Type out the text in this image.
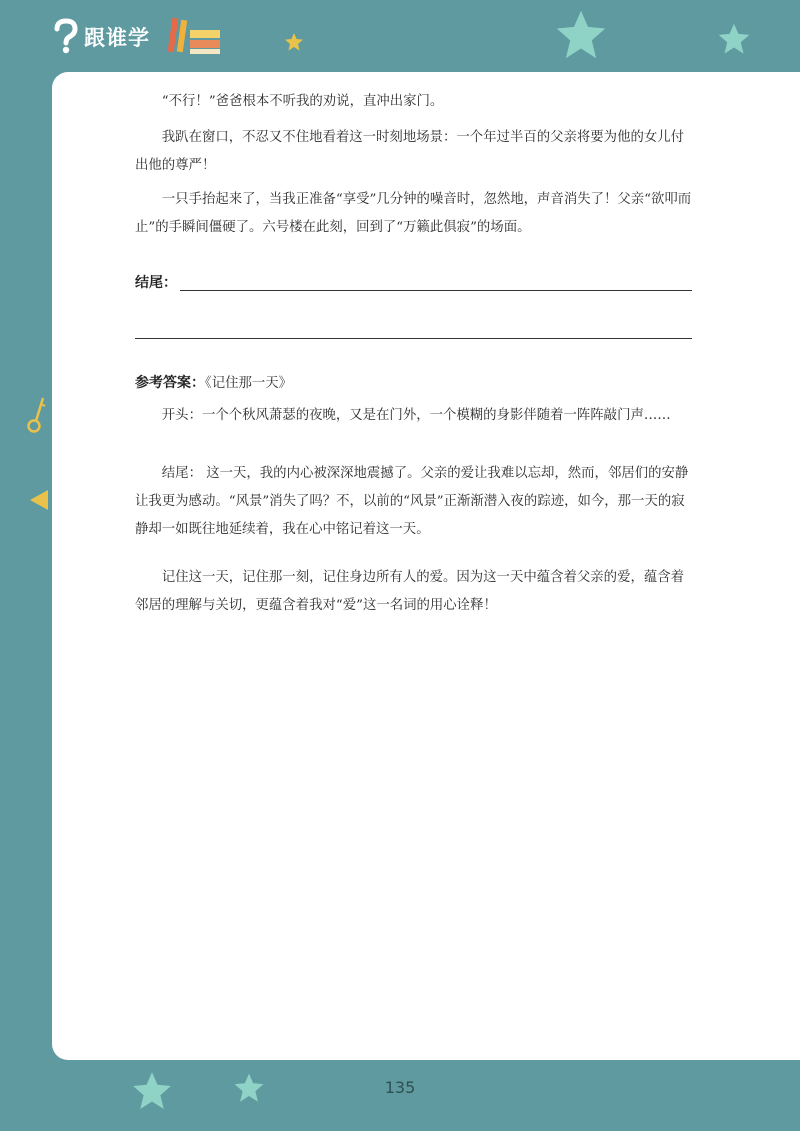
跟谁学

“不行！”爸爸根本不听我的劝说，直冲出家门。

我趴在窗口，不忍又不住地看着这一时刻地场景：一个年过半百的父亲将要为他的女儿付出他的尊严！

一只手抬起来了，当我正准备“享受”几分钟的噪音时，忽然地，声音消失了！父亲“欲叩而止”的手瞬间僵硬了。六号楼在此刻，回到了“万籁此俱寂”的场面。

结尾：
参考答案：《记住那一天》

开头：一个个秋风萧瑟的夜晚，又是在门外，一个模糊的身影伴随着一阵阵敲门声……

结尾： 这一天，我的内心被深深地震撼了。父亲的爱让我难以忘却，然而，邻居们的安静让我更为感动。“风景”消失了吗？不，以前的“风景”正渐渐潜入夜的踪迹，如今，那一天的寂静却一如既往地延续着，我在心中铭记着这一天。

记住这一天，记住那一刻，记住身边所有人的爱。因为这一天中蕴含着父亲的爱，蕴含着邻居的理解与关切，更蕴含着我对“爱”这一名词的用心诠释！

135
